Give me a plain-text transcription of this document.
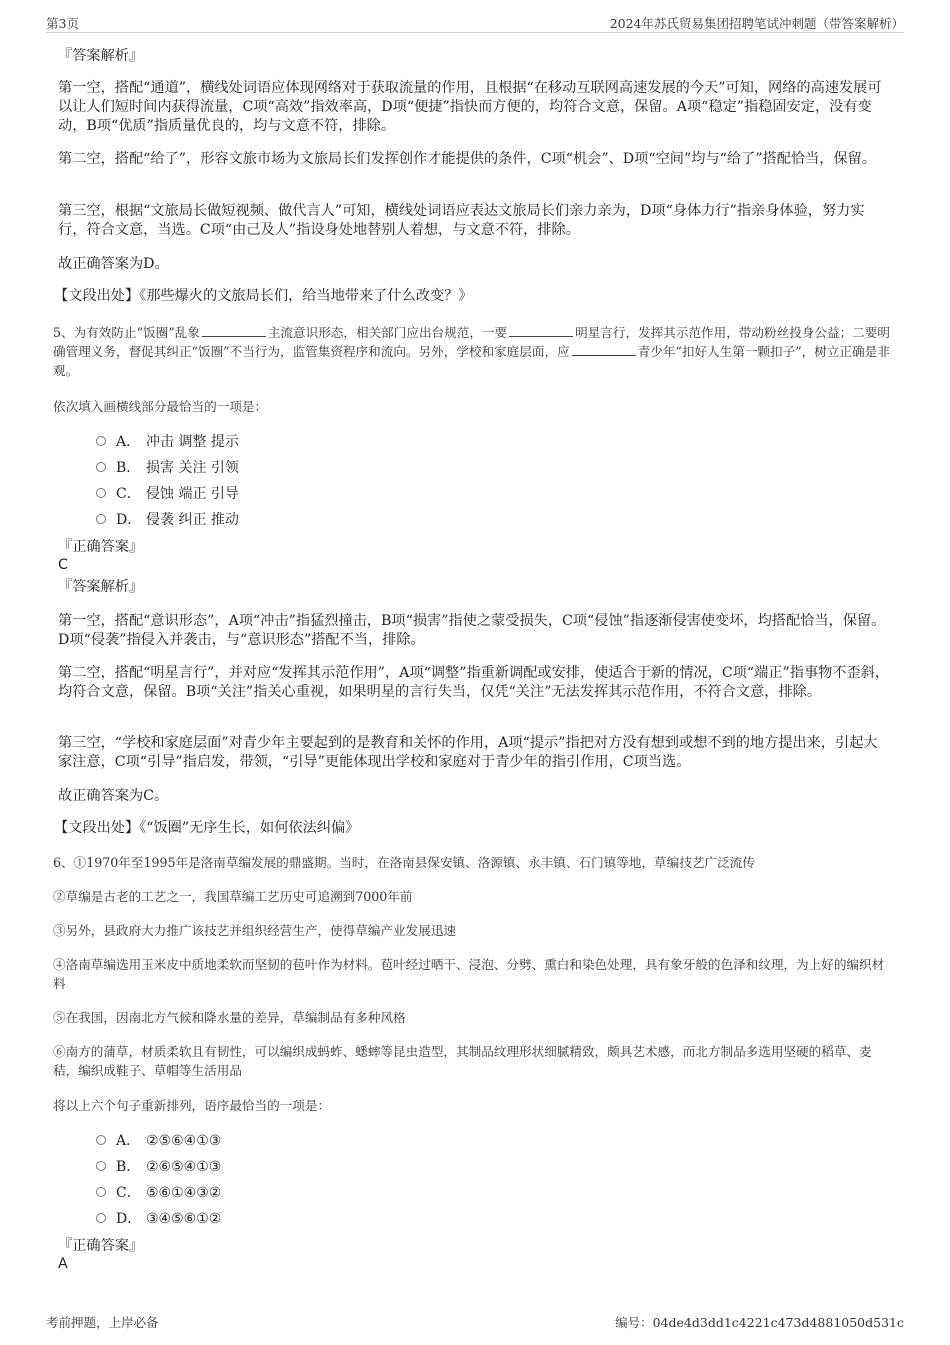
第3页	2024年苏氏贸易集团招聘笔试冲刺题（带答案解析）
『答案解析』
第一空，搭配“通道”，横线处词语应体现网络对于获取流量的作用，且根据“在移动互联网高速发展的今天”可知，网络的高速发展可以让人们短时间内获得流量，C项“高效”指效率高，D项“便捷”指快而方便的，均符合文意，保留。A项“稳定”指稳固安定，没有变动，B项“优质”指质量优良的，均与文意不符，排除。
第二空，搭配“给了”，形容文旅市场为文旅局长们发挥创作才能提供的条件，C项“机会”、D项“空间”均与“给了”搭配恰当，保留。
第三空，根据“文旅局长做短视频、做代言人”可知，横线处词语应表达文旅局长们亲力亲为，D项“身体力行”指亲身体验，努力实行，符合文意，当选。C项“由己及人”指设身处地替别人着想，与文意不符，排除。
故正确答案为D。
【文段出处】《那些爆火的文旅局长们，给当地带来了什么改变？》
5、为有效防止“饭圈”乱象	主流意识形态，相关部门应出台规范，一要	明星言行，发挥其示范作用，带动粉丝投身公益；二要明确管理义务，督促其纠正“饭圈”不当行为，监管集资程序和流向。另外，学校和家庭层面，应	青少年“扣好人生第一颗扣子”，树立正确是非观。
依次填入画横线部分最恰当的一项是：
A． 冲击 调整 提示
B． 损害 关注 引领
C． 侵蚀 端正 引导
D． 侵袭 纠正 推动
『正确答案』
C
『答案解析』
第一空，搭配“意识形态”，A项“冲击”指猛烈撞击，B项“损害”指使之蒙受损失，C项“侵蚀”指逐渐侵害使变坏，均搭配恰当，保留。D项“侵袭”指侵入并袭击，与“意识形态”搭配不当，排除。
第二空，搭配“明星言行”，并对应“发挥其示范作用”，A项“调整”指重新调配或安排，使适合于新的情况，C项“端正”指事物不歪斜，均符合文意，保留。B项“关注”指关心重视，如果明星的言行失当，仅凭“关注”无法发挥其示范作用，不符合文意，排除。
第三空，“学校和家庭层面”对青少年主要起到的是教育和关怀的作用，A项“提示”指把对方没有想到或想不到的地方提出来，引起大家注意，C项“引导”指启发，带领，“引导”更能体现出学校和家庭对于青少年的指引作用，C项当选。
故正确答案为C。
【文段出处】《“饭圈”无序生长，如何依法纠偏》
6、①1970年至1995年是洛南草编发展的鼎盛期。当时，在洛南县保安镇、洛源镇、永丰镇、石门镇等地，草编技艺广泛流传
②草编是古老的工艺之一，我国草编工艺历史可追溯到7000年前
③另外，县政府大力推广该技艺并组织经营生产，使得草编产业发展迅速
④洛南草编选用玉米皮中质地柔软而坚韧的苞叶作为材料。苞叶经过晒干、浸泡、分劈、熏白和染色处理，具有象牙般的色泽和纹理，为上好的编织材料
⑤在我国，因南北方气候和降水量的差异，草编制品有多种风格
⑥南方的蒲草，材质柔软且有韧性，可以编织成蚂蚱、蟋蟀等昆虫造型，其制品纹理形状细腻精致，颇具艺术感，而北方制品多选用坚硬的稻草、麦秸，编织成鞋子、草帽等生活用品
将以上六个句子重新排列，语序最恰当的一项是：
A． ②⑤⑥④①③
B． ②⑥⑤④①③
C． ⑤⑥①④③②
D． ③④⑤⑥①②
『正确答案』
A
考前押题，上岸必备	编号：04de4d3dd1c4221c473d4881050d531c
